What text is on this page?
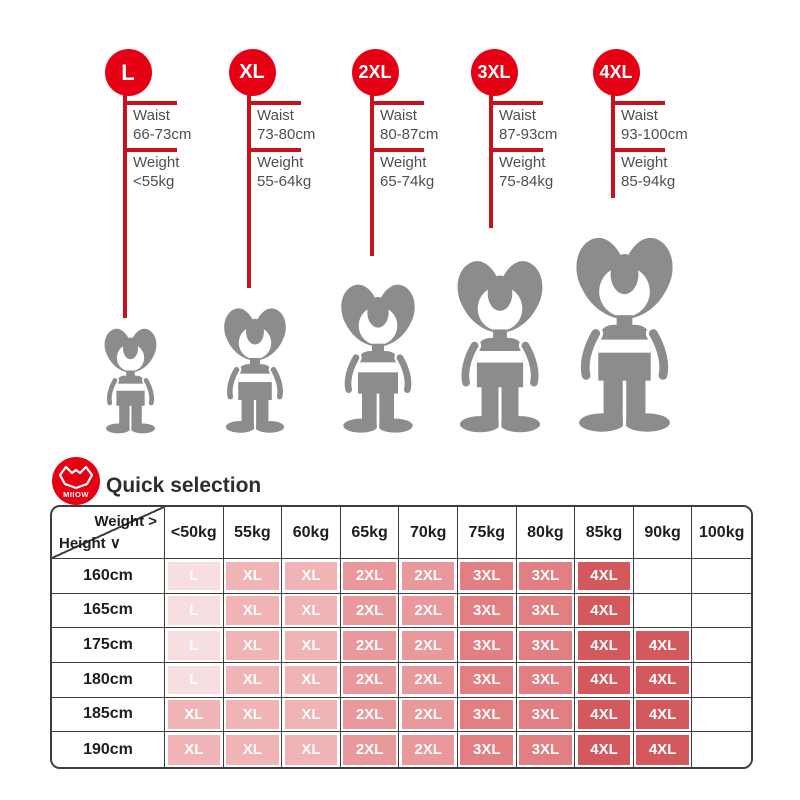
L
Waist
66-73cm
Weight
<55kg
XL
Waist
73-80cm
Weight
55-64kg
2XL
Waist
80-87cm
Weight
65-74kg
3XL
Waist
87-93cm
Weight
75-84kg
4XL
Waist
93-100cm
Weight
85-94kg
MIIOW Quick selection
Weight >
Height ∨
<50kg	55kg	60kg	65kg	70kg	75kg	80kg	85kg	90kg	100kg
160cm	L	XL	XL	2XL	2XL	3XL	3XL	4XL
165cm	L	XL	XL	2XL	2XL	3XL	3XL	4XL
175cm	L	XL	XL	2XL	2XL	3XL	3XL	4XL	4XL
180cm	L	XL	XL	2XL	2XL	3XL	3XL	4XL	4XL
185cm	XL	XL	XL	2XL	2XL	3XL	3XL	4XL	4XL
190cm	XL	XL	XL	2XL	2XL	3XL	3XL	4XL	4XL
